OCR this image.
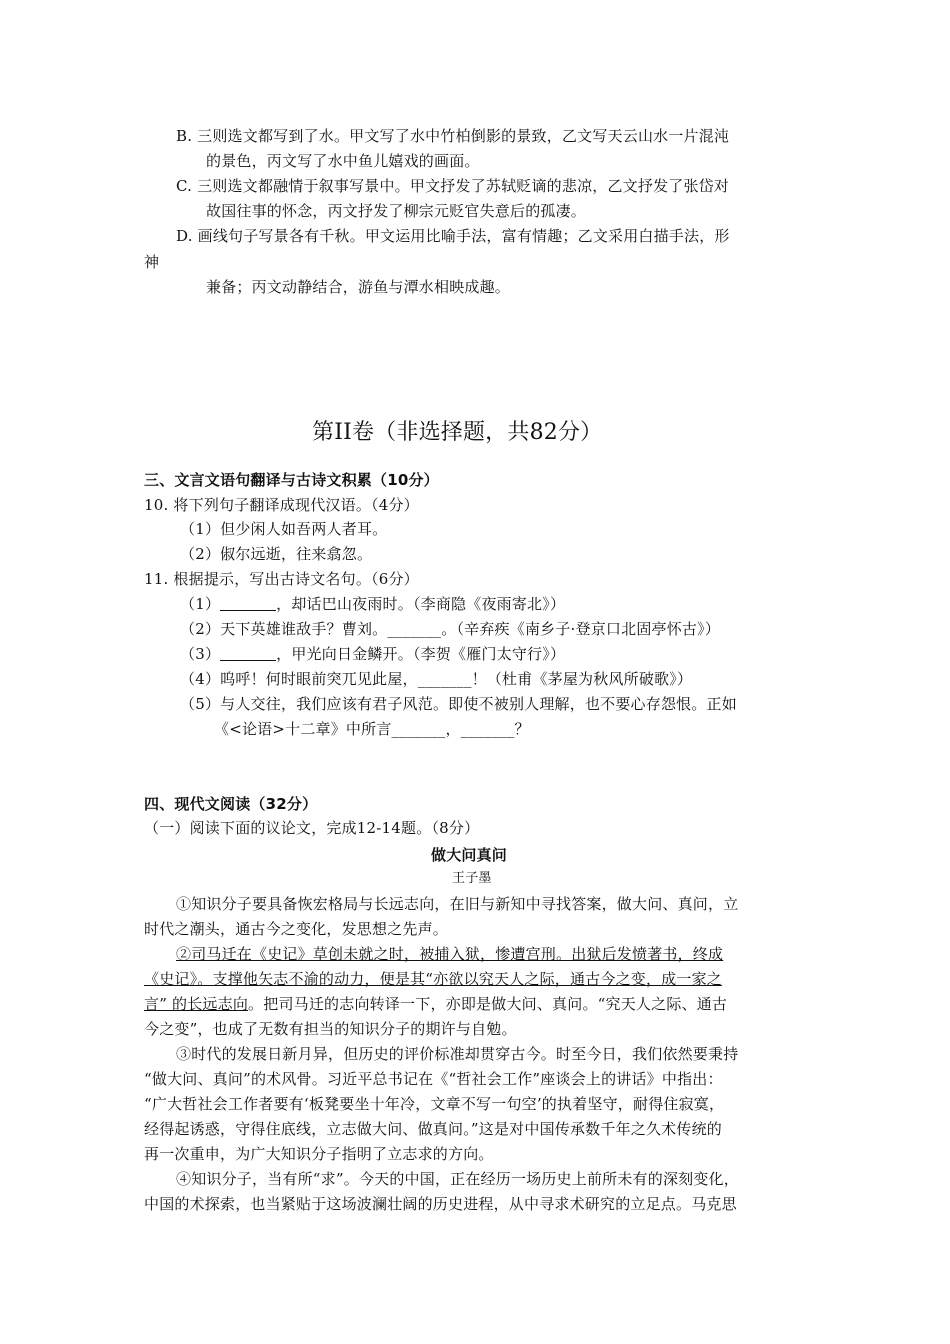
B. 三则选文都写到了水。甲文写了水中竹柏倒影的景致，乙文写天云山水一片混沌
的景色，丙文写了水中鱼儿嬉戏的画面。
C. 三则选文都融情于叙事写景中。甲文抒发了苏轼贬谪的悲凉，乙文抒发了张岱对
故国往事的怀念，丙文抒发了柳宗元贬官失意后的孤凄。
D. 画线句子写景各有千秋。甲文运用比喻手法，富有情趣；乙文采用白描手法，形
神
兼备；丙文动静结合，游鱼与潭水相映成趣。
第II卷（非选择题，共82分）
三、文言文语句翻译与古诗文积累（10分）
10. 将下列句子翻译成现代汉语。（4分）
（1）但少闲人如吾两人者耳。
（2）俶尔远逝，往来翕忽。
11. 根据提示，写出古诗文名句。（6分）
（1）	，却话巴山夜雨时。（李商隐《夜雨寄北》）
（2）天下英雄谁敌手？曹刘。_______。（辛弃疾《南乡子·登京口北固亭怀古》）
（3）	，甲光向日金鳞开。（李贺《雁门太守行》）
（4）呜呼！何时眼前突兀见此屋，_______！（杜甫《茅屋为秋风所破歌》）
（5）与人交往，我们应该有君子风范。即使不被别人理解，也不要心存怨恨。正如
《<论语>十二章》中所言_______，_______？
四、现代文阅读（32分）
（一）阅读下面的议论文，完成12-14题。（8分）
做大问真问
王子墨
①知识分子要具备恢宏格局与长远志向，在旧与新知中寻找答案，做大问、真问，立
时代之潮头，通古今之变化，发思想之先声。
②司马迁在《史记》草创未就之时，被捕入狱，惨遭宫刑。出狱后发愤著书，终成
《史记》。支撑他矢志不渝的动力，便是其“亦欲以究天人之际，通古今之变，成一家之
言” 的长远志向。把司马迁的志向转译一下，亦即是做大问、真问。“究天人之际、通古
今之变”，也成了无数有担当的知识分子的期许与自勉。
③时代的发展日新月异，但历史的评价标准却贯穿古今。时至今日，我们依然要秉持
“做大问、真问”的术风骨。习近平总书记在《“哲社会工作”座谈会上的讲话》中指出：
“广大哲社会工作者要有‘板凳要坐十年冷，文章不写一句空’的执着坚守，耐得住寂寞，
经得起诱惑，守得住底线，立志做大问、做真问。”这是对中国传承数千年之久术传统的
再一次重申，为广大知识分子指明了立志求的方向。
④知识分子，当有所“求”。今天的中国，正在经历一场历史上前所未有的深刻变化，
中国的术探索，也当紧贴于这场波澜壮阔的历史进程，从中寻求术研究的立足点。马克思
